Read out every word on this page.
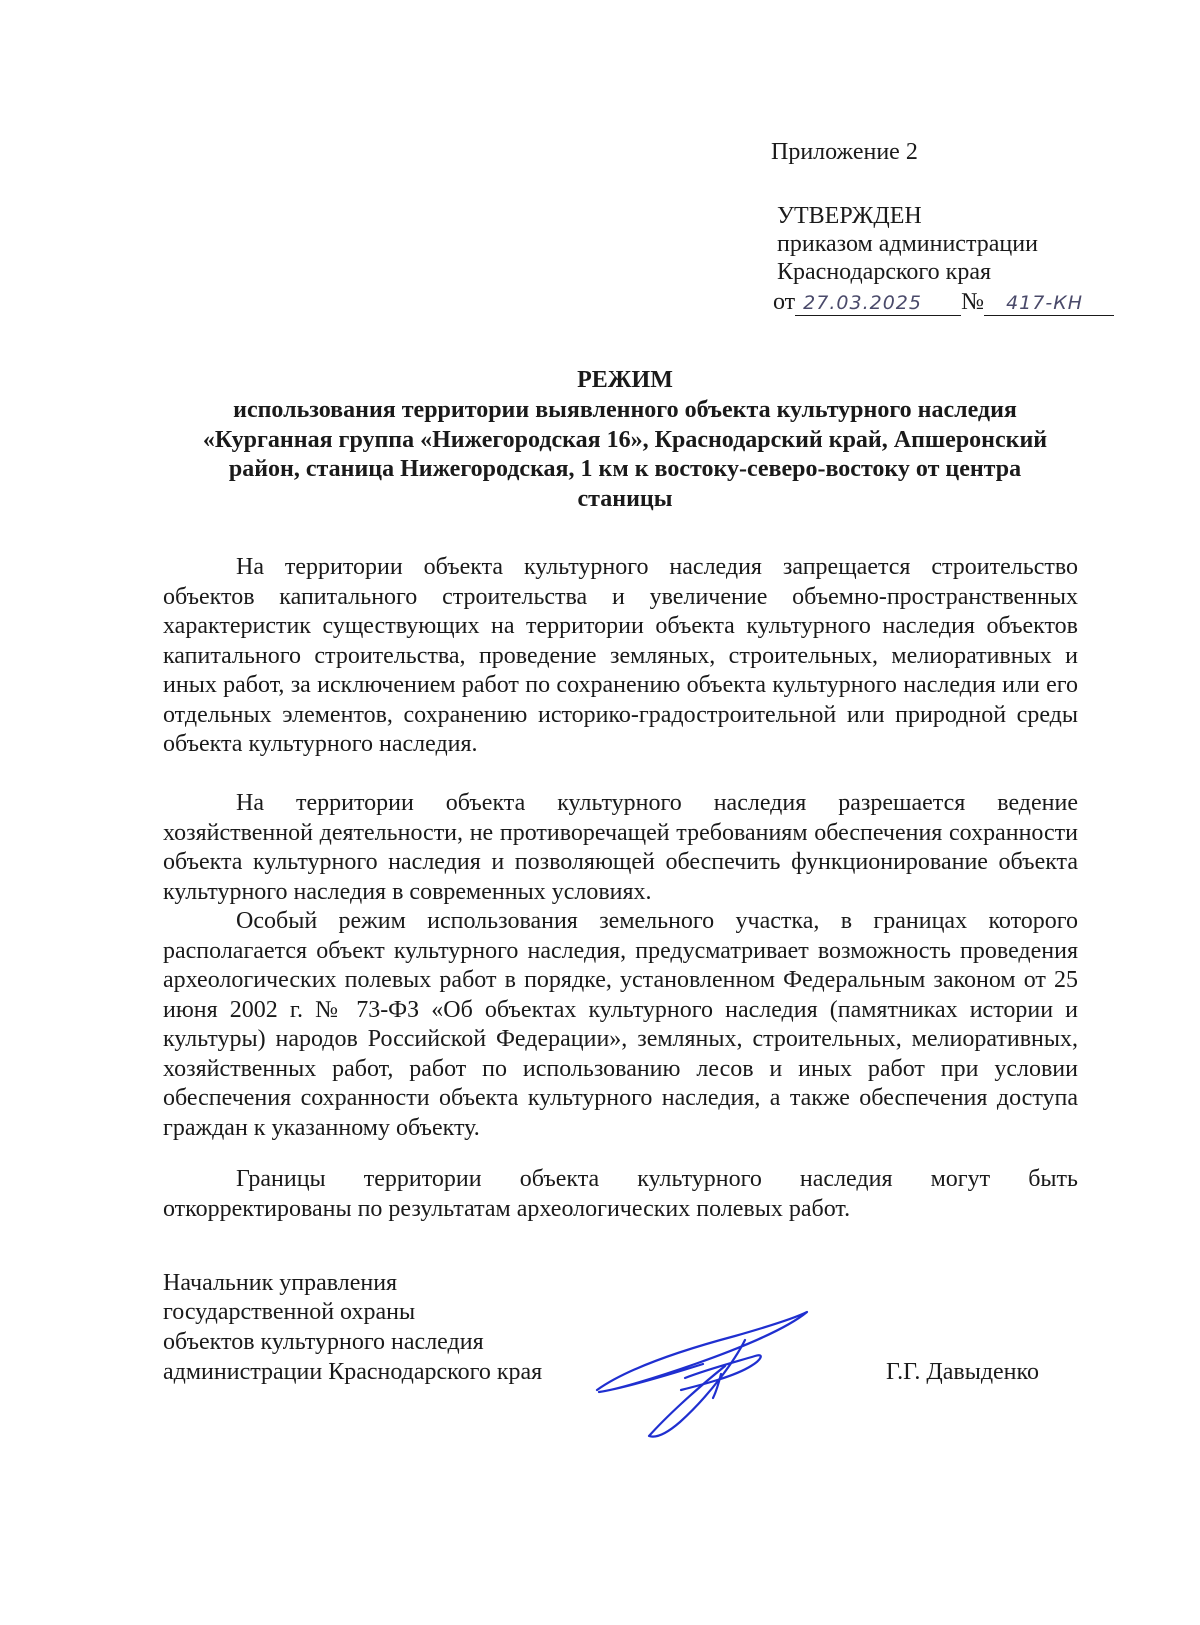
Приложение 2
УТВЕРЖДЕН
приказом администрации
Краснодарского края
от 27.03.2025 № 417-КН
РЕЖИМ
использования территории выявленного объекта культурного наследия «Курганная группа «Нижегородская 16», Краснодарский край, Апшеронский район, станица Нижегородская, 1 км к востоку-северо-востоку от центра станицы
На территории объекта культурного наследия запрещается строительство объектов капитального строительства и увеличение объемно-пространственных характеристик существующих на территории объекта культурного наследия объектов капитального строительства, проведение земляных, строительных, мелиоративных и иных работ, за исключением работ по сохранению объекта культурного наследия или его отдельных элементов, сохранению историко-градостроительной или природной среды объекта культурного наследия.
На территории объекта культурного наследия разрешается ведение хозяйственной деятельности, не противоречащей требованиям обеспечения сохранности объекта культурного наследия и позволяющей обеспечить функционирование объекта культурного наследия в современных условиях.
Особый режим использования земельного участка, в границах которого располагается объект культурного наследия, предусматривает возможность проведения археологических полевых работ в порядке, установленном Федеральным законом от 25 июня 2002 г. № 73-ФЗ «Об объектах культурного наследия (памятниках истории и культуры) народов Российской Федерации», земляных, строительных, мелиоративных, хозяйственных работ, работ по использованию лесов и иных работ при условии обеспечения сохранности объекта культурного наследия, а также обеспечения доступа граждан к указанному объекту.
Границы территории объекта культурного наследия могут быть откорректированы по результатам археологических полевых работ.
Начальник управления
государственной охраны
объектов культурного наследия
администрации Краснодарского края	Г.Г. Давыденко
